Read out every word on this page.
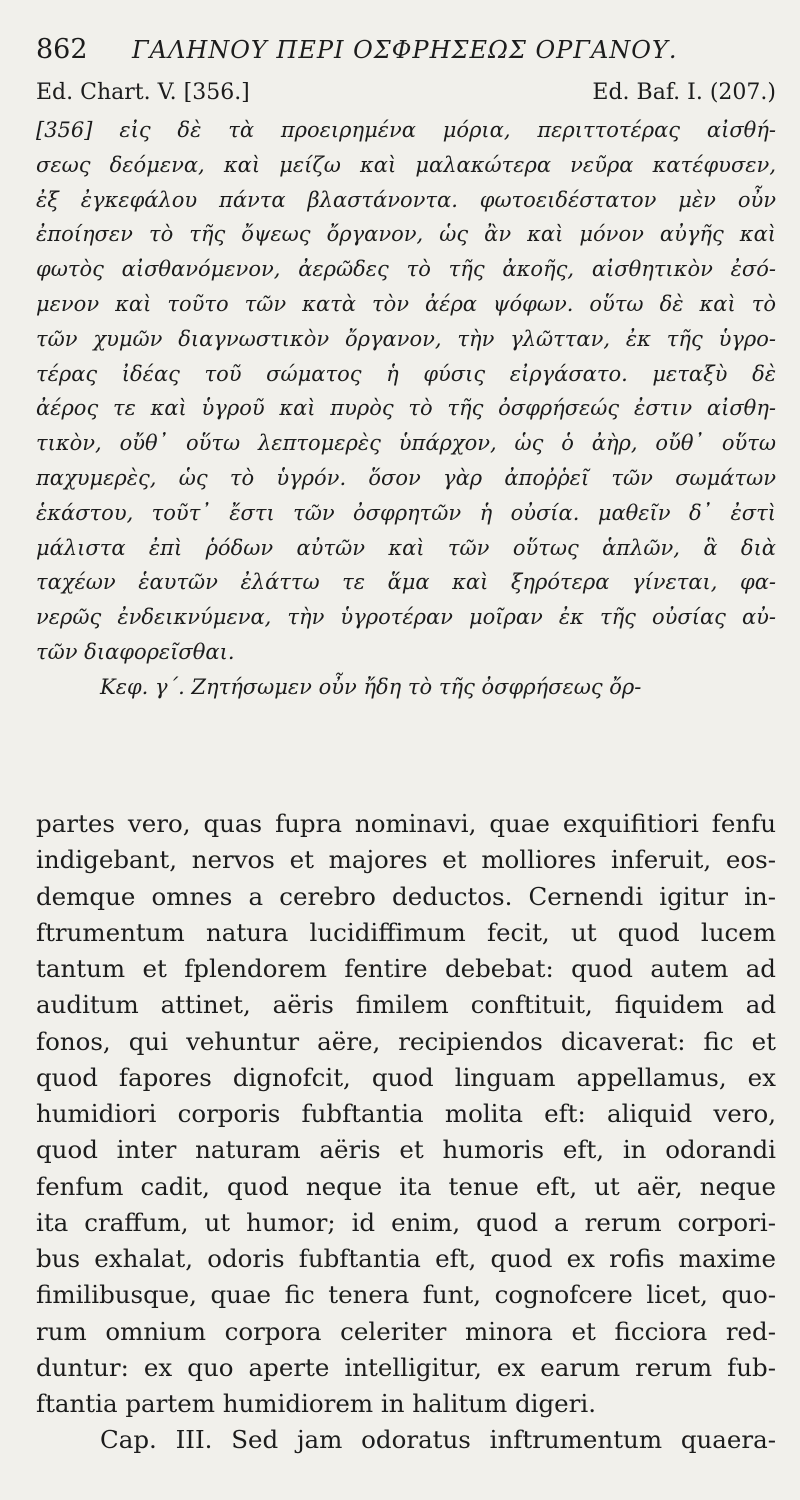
862 ΓΑΛΗΝΟΥ ΠΕΡΙ ΟΣΦΡΗΣΕΩΣ ΟΡΓΑΝΟΥ.
Ed. Chart. V. [356.]	Ed. Baf. I. (207.)
[356] εἰς δὲ τὰ προειρημένα μόρια, περιττοτέρας αἰσθή-
σεως δεόμενα, καὶ μείζω καὶ μαλακώτερα νεῦρα κατέφυσεν,
ἐξ ἐγκεφάλου πάντα βλαστάνοντα. φωτοειδέστατον μὲν οὖν
ἐποίησεν τὸ τῆς ὄψεως ὄργανον, ὡς ἂν καὶ μόνον αὐγῆς καὶ
φωτὸς αἰσθανόμενον, ἀερῶδες τὸ τῆς ἀκοῆς, αἰσθητικὸν ἐσό-
μενον καὶ τοῦτο τῶν κατὰ τὸν ἀέρα ψόφων. οὕτω δὲ καὶ τὸ
τῶν χυμῶν διαγνωστικὸν ὄργανον, τὴν γλῶτταν, ἐκ τῆς ὑγρο-
τέρας ἰδέας τοῦ σώματος ἡ φύσις εἰργάσατο. μεταξὺ δὲ
ἀέρος τε καὶ ὑγροῦ καὶ πυρὸς τὸ τῆς ὀσφρήσεώς ἐστιν αἰσθη-
τικὸν, οὔθ᾽ οὕτω λεπτομερὲς ὑπάρχον, ὡς ὁ ἀὴρ, οὔθ᾽ οὕτω
παχυμερὲς, ὡς τὸ ὑγρόν. ὅσον γὰρ ἀποῤῥεῖ τῶν σωμάτων
ἑκάστου, τοῦτ᾽ ἔστι τῶν ὀσφρητῶν ἡ οὐσία. μαθεῖν δ᾽ ἐστὶ
μάλιστα ἐπὶ ῥόδων αὐτῶν καὶ τῶν οὕτως ἁπλῶν, ἃ διὰ
ταχέων ἑαυτῶν ἐλάττω τε ἅμα καὶ ξηρότερα γίνεται, φα-
νερῶς ἐνδεικνύμενα, τὴν ὑγροτέραν μοῖραν ἐκ τῆς οὐσίας αὐ-
τῶν διαφορεῖσθαι.
Κεφ. γ΄. Ζητήσωμεν οὖν ἤδη τὸ τῆς ὀσφρήσεως ὄρ-
partes vero, quas fupra nominavi, quae exquifitiori fenfu
indigebant, nervos et majores et molliores inferuit, eos-
demque omnes a cerebro deductos. Cernendi igitur in-
ftrumentum natura lucidiffimum fecit, ut quod lucem
tantum et fplendorem fentire debebat: quod autem ad
auditum attinet, aëris fimilem conftituit, fiquidem ad
fonos, qui vehuntur aëre, recipiendos dicaverat: fic et
quod fapores dignofcit, quod linguam appellamus, ex
humidiori corporis fubftantia molita eft: aliquid vero,
quod inter naturam aëris et humoris eft, in odorandi
fenfum cadit, quod neque ita tenue eft, ut aër, neque
ita craffum, ut humor; id enim, quod a rerum corpori-
bus exhalat, odoris fubftantia eft, quod ex rofis maxime
fimilibusque, quae fic tenera funt, cognofcere licet, quo-
rum omnium corpora celeriter minora et ficciora red-
duntur: ex quo aperte intelligitur, ex earum rerum fub-
ftantia partem humidiorem in halitum digeri.
Cap. III. Sed jam odoratus inftrumentum quaera-
